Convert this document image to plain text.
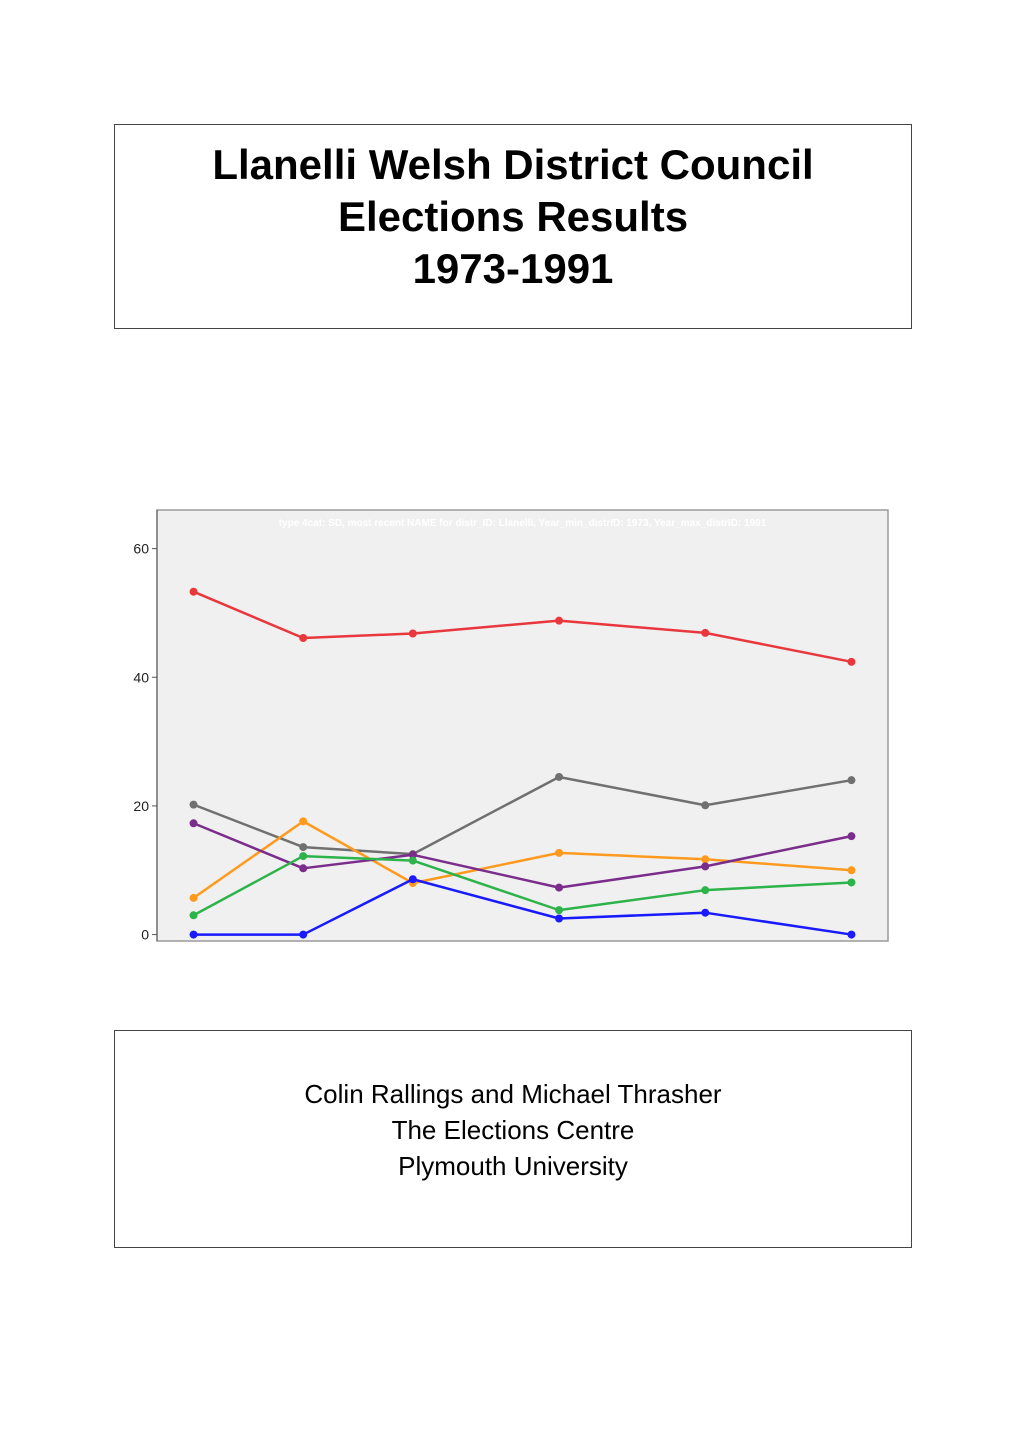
Llanelli Welsh District Council
Elections Results
1973-1991
type 4cat: SD, most recent NAME for distr_ID: Llanelli, Year_min_distrID: 1973, Year_max_distrID: 1991
0
20
40
60
Colin Rallings and Michael Thrasher
The Elections Centre
Plymouth University
